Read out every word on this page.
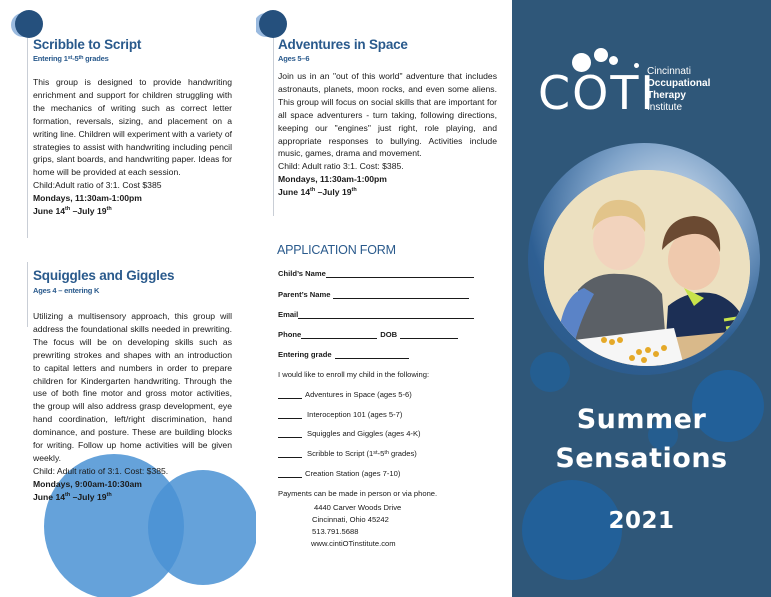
Scribble to Script
Entering 1st-5th grades
This group is designed to provide handwriting enrichment and support for children struggling with the mechanics of writing such as correct letter formation, reversals, sizing, and placement on a writing line. Children will experiment with a variety of strategies to assist with handwriting including pencil grips, slant boards, and handwriting paper. Ideas for home will be provided at each session.
Child:Adult ratio of 3:1. Cost $385
Mondays, 11:30am-1:00pm
June 14th –July 19th
Squiggles and Giggles
Ages 4 – entering K
Utilizing a multisensory approach, this group will address the foundational skills needed in prewriting. The focus will be on developing skills such as prewriting strokes and shapes with an introduction to capital letters and numbers in order to prepare children for Kindergarten handwriting. Through the use of both fine motor and gross motor activities, the group will also address grasp development, eye hand coordination, left/right discrimination, hand dominance, and posture. These are building blocks for writing. Follow up home activities will be given weekly.
Child: Adult ratio of 3:1. Cost: $385.
Mondays, 9:00am-10:30am
June 14th –July 19th
Adventures in Space
Ages 5–6
Join us in an "out of this world" adventure that includes astronauts, planets, moon rocks, and even some aliens. This group will focus on social skills that are important for all space adventurers - turn taking, following directions, keeping our "engines" just right, role playing, and appropriate responses to bullying. Activities include music, games, drama and movement.
Child: Adult ratio 3:1. Cost: $385.
Mondays, 11:30am-1:00pm
June 14th –July 19th
APPLICATION FORM
Child’s Name
Parent’s Name
Email
Phone	DOB
Entering grade
I would like to enroll my child in the following:
Adventures in Space (ages 5-6)
Interoception 101 (ages 5-7)
Squiggles and Giggles (ages 4-K)
Scribble to Script (1st-5th grades)
Creation Station (ages 7-10)
Payments can be made in person or via phone.
4440 Carver Woods Drive
Cincinnati, Ohio 45242
513.791.5688
www.cintiOTinstitute.com
COTI
Cincinnati
Occupational
Therapy
Institute
Summer
Sensations
2021
